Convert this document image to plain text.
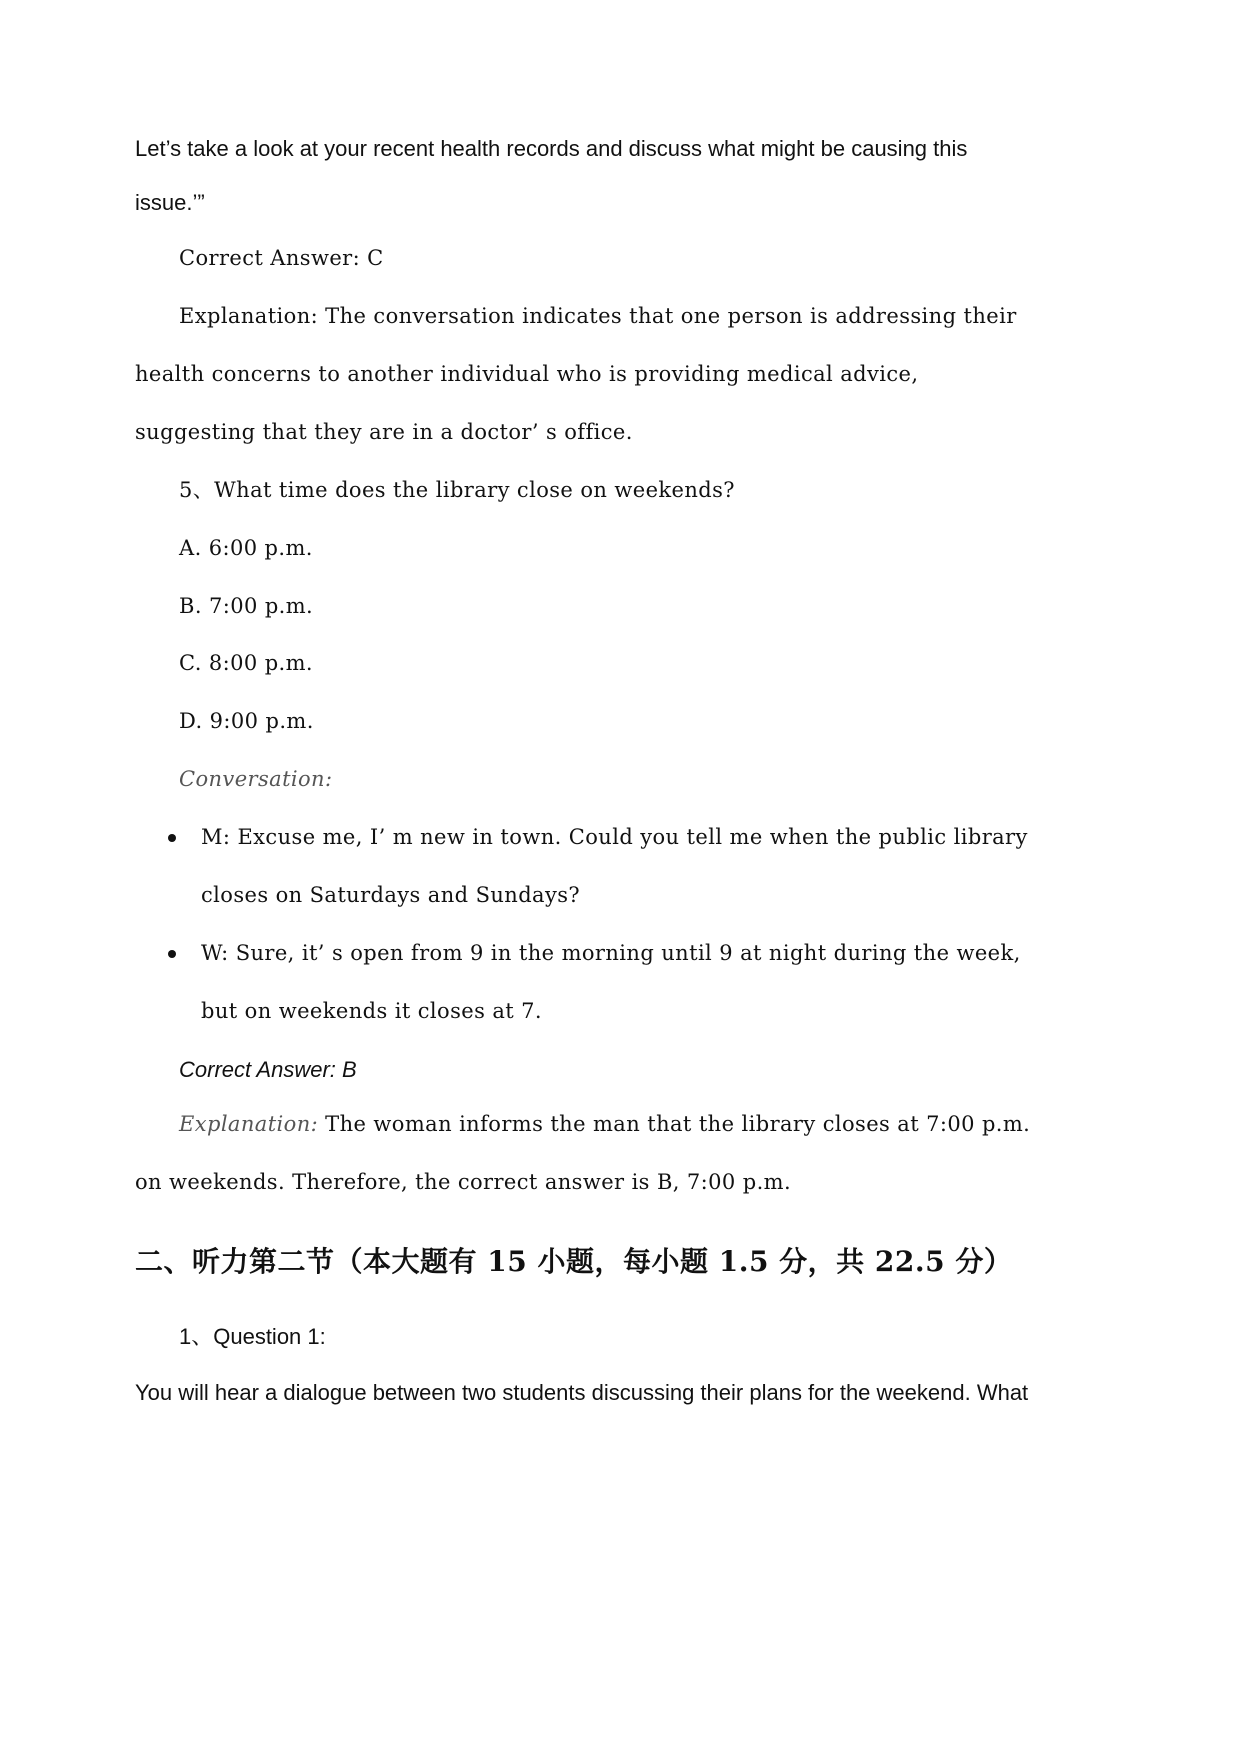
Let’s take a look at your recent health records and discuss what might be causing this
issue.’”
Correct Answer: C
Explanation: The conversation indicates that one person is addressing their
health concerns to another individual who is providing medical advice,
suggesting that they are in a doctor’ s office.
5、What time does the library close on weekends?
A. 6:00 p.m.
B. 7:00 p.m.
C. 8:00 p.m.
D. 9:00 p.m.
Conversation:
M: Excuse me, I’ m new in town. Could you tell me when the public library
closes on Saturdays and Sundays?
W: Sure, it’ s open from 9 in the morning until 9 at night during the week,
but on weekends it closes at 7.
Correct Answer: B
Explanation: The woman informs the man that the library closes at 7:00 p.m.
on weekends. Therefore, the correct answer is B, 7:00 p.m.
二、听力第二节（本大题有 15 小题，每小题 1.5 分，共 22.5 分）
1、Question 1:
You will hear a dialogue between two students discussing their plans for the weekend. What
